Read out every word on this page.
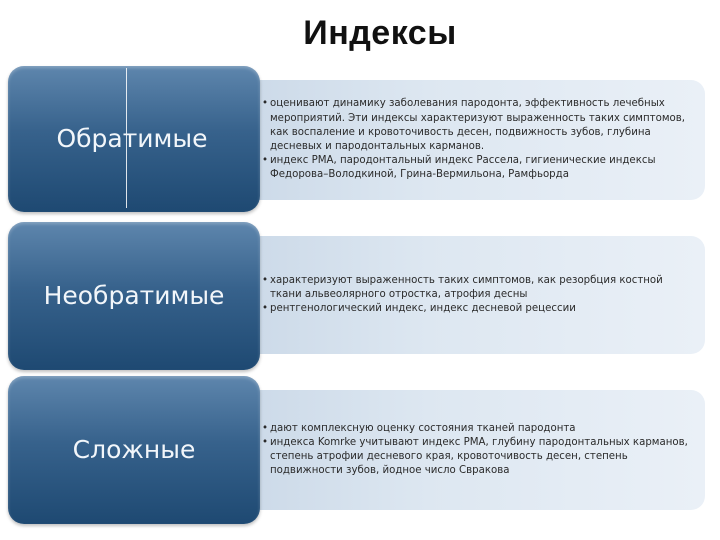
Индексы
• оценивают динамику заболевания пародонта, эффективность лечебных мероприятий. Эти индексы характеризуют выраженность таких симптомов, как воспаление и кровоточивость десен, подвижность зубов, глубина десневых и пародонтальных карманов.
• индекс РМА, пародонтальный индекс Рассела, гигиенические индексы Федорова–Володкиной, Грина-Вермильона, Рамфьорда
Обратимые
• характеризуют выраженность таких симптомов, как резорбция костной ткани альвеолярного отростка, атрофия десны
• рентгенологический индекс, индекс десневой рецессии
Необратимые
• дают комплексную оценку состояния тканей пародонта
• индекса Komrke учитывают индекс РМА, глубину пародонтальных карманов, степень атрофии десневого края, кровоточивость десен, степень подвижности зубов, йодное число Свракова
Сложные
